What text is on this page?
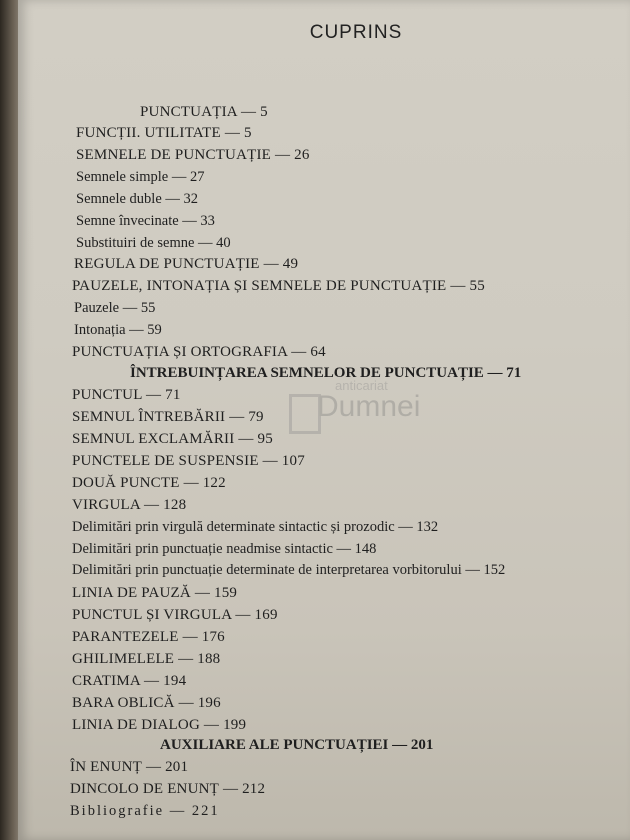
CUPRINS
PUNCTUAȚIA — 5
FUNCȚII. UTILITATE — 5
SEMNELE DE PUNCTUAȚIE — 26
Semnele simple — 27
Semnele duble — 32
Semne învecinate — 33
Substituiri de semne — 40
REGULA DE PUNCTUAȚIE — 49
PAUZELE, INTONAȚIA ȘI SEMNELE DE PUNCTUAȚIE — 55
Pauzele — 55
Intonația — 59
PUNCTUAȚIA ȘI ORTOGRAFIA — 64
ÎNTREBUINȚAREA SEMNELOR DE PUNCTUAȚIE — 71
PUNCTUL — 71
SEMNUL ÎNTREBĂRII — 79
SEMNUL EXCLAMĂRII — 95
PUNCTELE DE SUSPENSIE — 107
DOUĂ PUNCTE — 122
VIRGULA — 128
Delimitări prin virgulă determinate sintactic și prozodic — 132
Delimitări prin punctuație neadmise sintactic — 148
Delimitări prin punctuație determinate de interpretarea vorbitorului — 152
LINIA DE PAUZĂ — 159
PUNCTUL ȘI VIRGULA — 169
PARANTEZELE — 176
GHILIMELELE — 188
CRATIMA — 194
BARA OBLICĂ — 196
LINIA DE DIALOG — 199
AUXILIARE ALE PUNCTUAȚIEI — 201
ÎN ENUNȚ — 201
DINCOLO DE ENUNȚ — 212
Bibliografie — 221
anticariat
Dumnei
